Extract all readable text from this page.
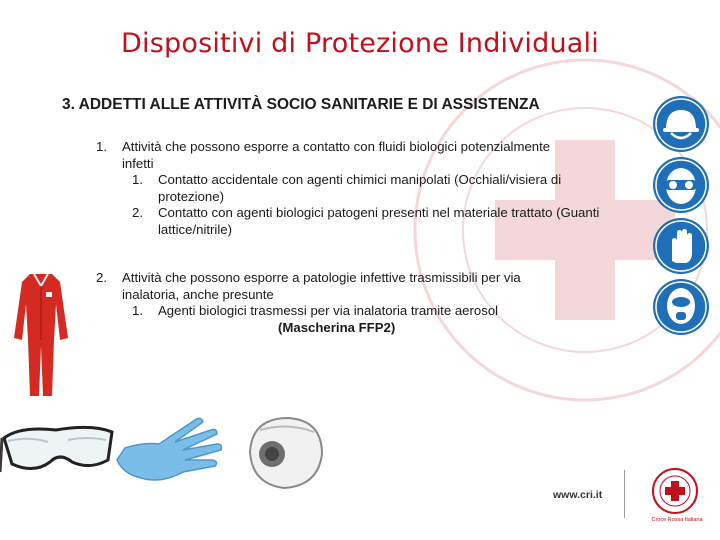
Dispositivi di Protezione Individuali
3. ADDETTI ALLE ATTIVITÀ SOCIO SANITARIE E DI ASSISTENZA
1. Attività che possono esporre a contatto con fluidi biologici potenzialmente
infetti
1. Contatto accidentale con agenti chimici manipolati (Occhiali/visiera di
protezione)
2. Contatto con agenti biologici patogeni presenti nel materiale trattato (Guanti
lattice/nitrile)
2. Attività che possono esporre a patologie infettive trasmissibili per via
inalatoria, anche presunte
1. Agenti biologici trasmessi per via inalatoria tramite aerosol
(Mascherina FFP2)
www.cri.it
Croce Rossa Italiana
